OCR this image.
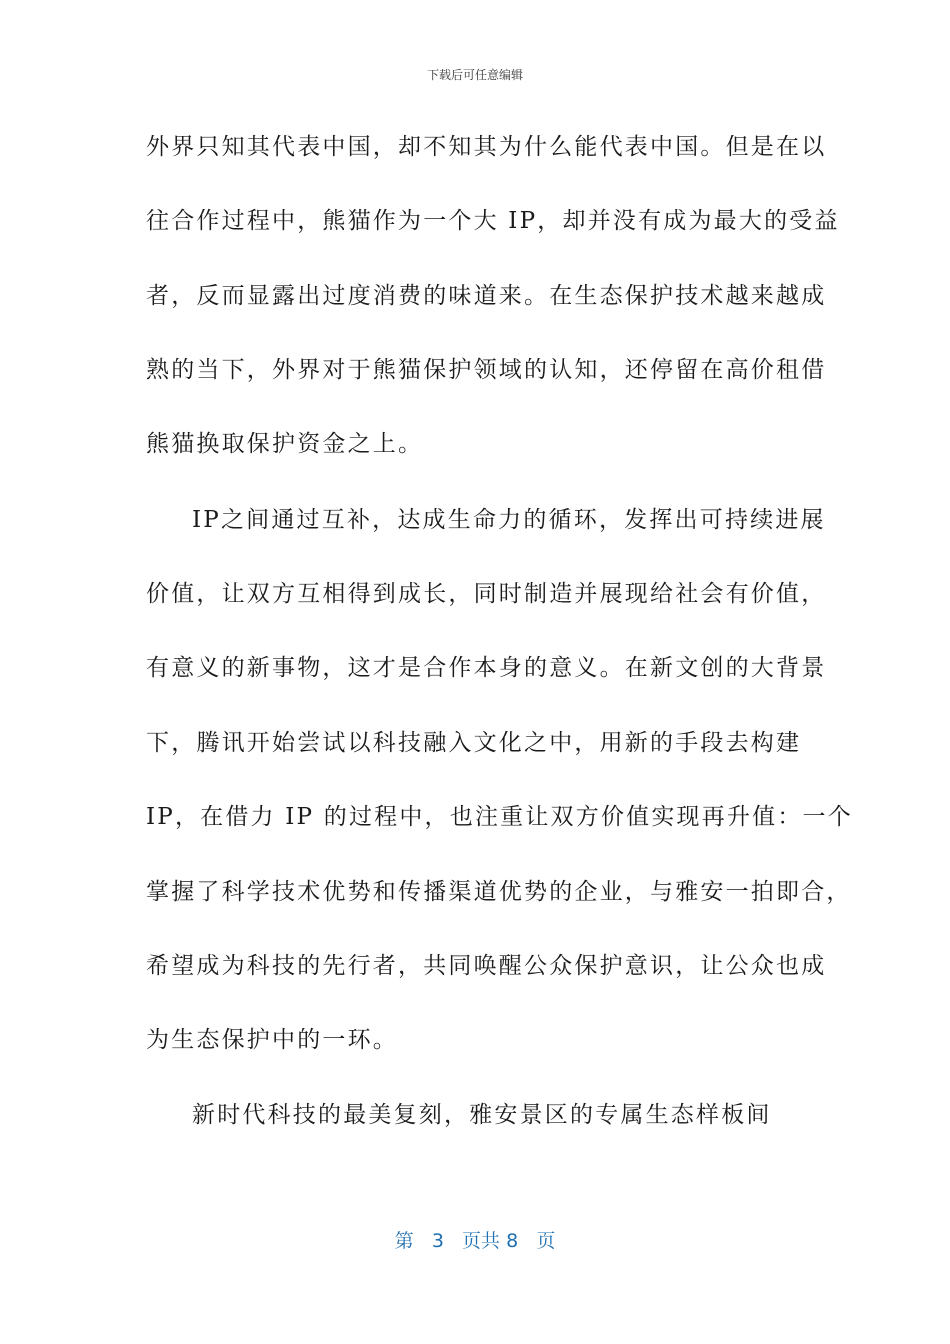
下载后可任意编辑
外界只知其代表中国，却不知其为什么能代表中国。但是在以
往合作过程中，熊猫作为一个大 IP，却并没有成为最大的受益
者，反而显露出过度消费的味道来。在生态保护技术越来越成
熟的当下，外界对于熊猫保护领域的认知，还停留在高价租借
熊猫换取保护资金之上。
IP之间通过互补，达成生命力的循环，发挥出可持续进展
价值，让双方互相得到成长，同时制造并展现给社会有价值，
有意义的新事物，这才是合作本身的意义。在新文创的大背景
下，腾讯开始尝试以科技融入文化之中，用新的手段去构建
IP，在借力 IP 的过程中，也注重让双方价值实现再升值：一个
掌握了科学技术优势和传播渠道优势的企业，与雅安一拍即合，
希望成为科技的先行者，共同唤醒公众保护意识，让公众也成
为生态保护中的一环。
新时代科技的最美复刻，雅安景区的专属生态样板间
第 3 页共 8 页
